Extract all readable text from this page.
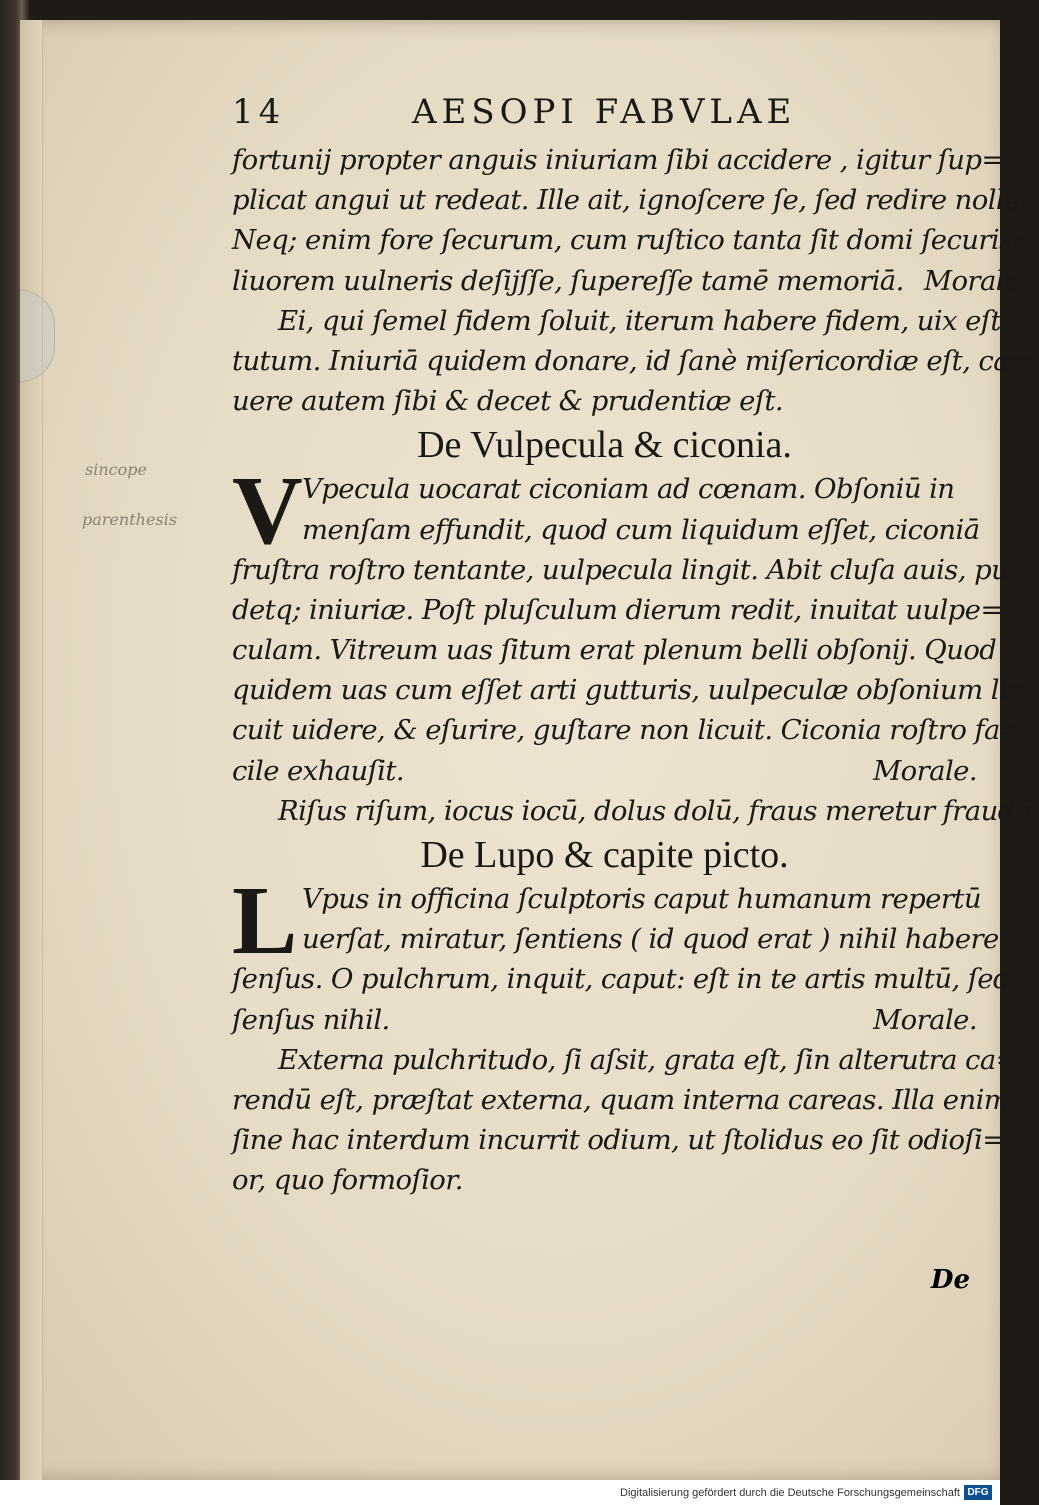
sincope
parenthesis
14	AESOPI FABVLAE
fortunij propter anguis iniuriam ſibi accidere , igitur ſup=
plicat angui ut redeat. Ille ait, ignoſcere ſe, ſed redire nolle.
Neq; enim fore ſecurum, cum ruſtico tanta ſit domi ſecuris:
liuorem uulneris deſijſſe, ſupereſſe tamē memoriā. Morale.
Ei, qui ſemel fidem ſoluit, iterum habere fidem, uix eſt
tutum. Iniuriā quidem donare, id ſanè miſericordiæ eſt, ca=
uere autem ſibi & decet & prudentiæ eſt.
De Vulpecula & ciconia.
V Vpecula uocarat ciconiam ad cœnam. Obſoniū in
menſam effundit, quod cum liquidum eſſet, ciconiā
fruſtra roſtro tentante, uulpecula lingit. Abit cluſa auis, pu
detq; iniuriæ. Poſt pluſculum dierum redit, inuitat uulpe=
culam. Vitreum uas ſitum erat plenum belli obſonij. Quod
quidem uas cum eſſet arti gutturis, uulpeculæ obſonium li=
cuit uidere, & eſurire, guſtare non licuit. Ciconia roſtro fa=
cile exhauſit.	Morale.
Riſus riſum, iocus iocū, dolus dolū, fraus meretur fraudē.
De Lupo & capite picto.
L Vpus in officina ſculptoris caput humanum repertū
uerſat, miratur, ſentiens ( id quod erat ) nihil habere
ſenſus. O pulchrum, inquit, caput: eſt in te artis multū, ſed
ſenſus nihil.	Morale.
Externa pulchritudo, ſi aſsit, grata eſt, ſin alterutra ca=
rendū eſt, præſtat externa, quam interna careas. Illa enim
ſine hac interdum incurrit odium, ut ſtolidus eo ſit odioſi=
or, quo formoſior.
De
Digitalisierung gefördert durch die Deutsche Forschungsgemeinschaft DFG
